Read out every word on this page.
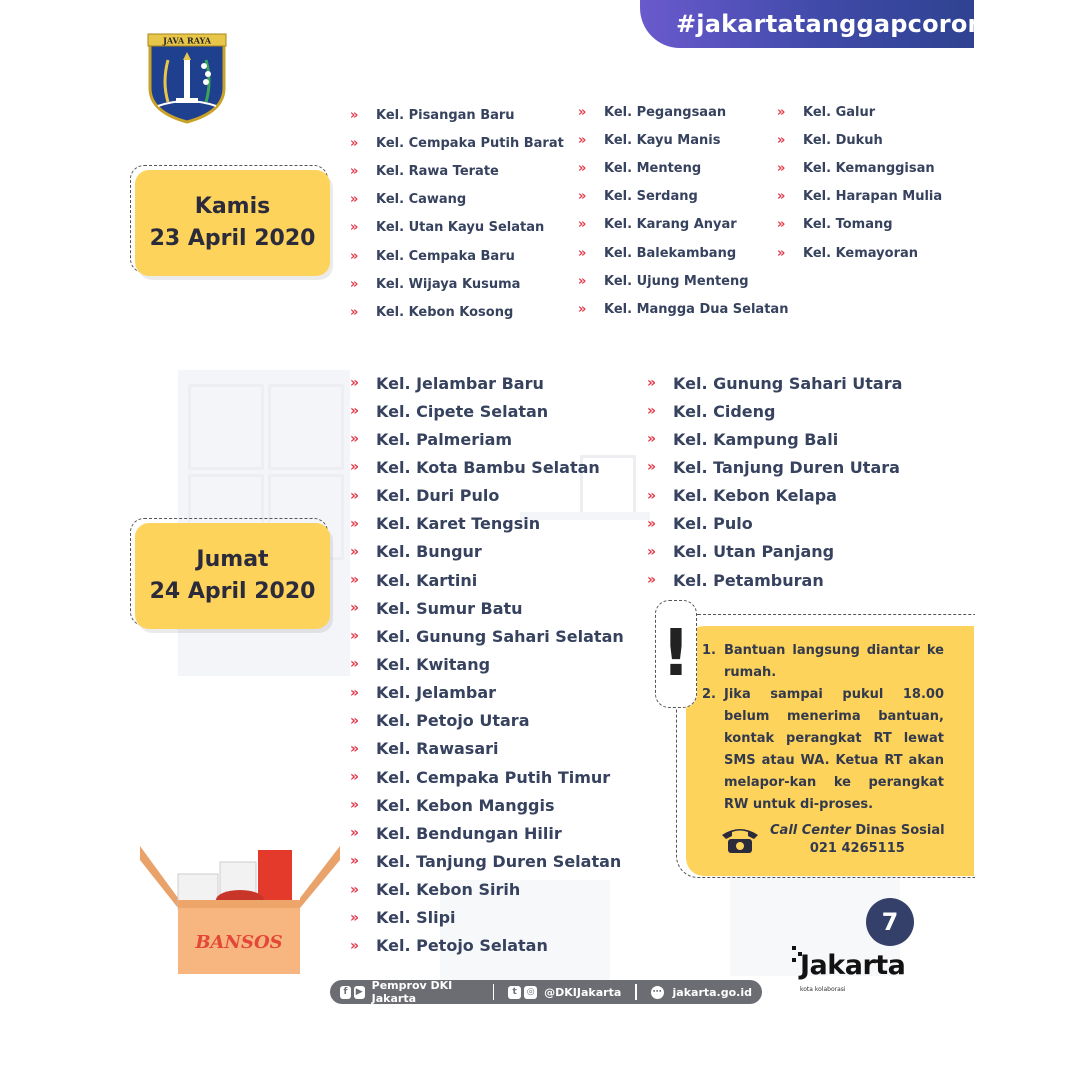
#jakartatanggapcorona
JAVA RAYA
Kamis
23 April 2020
»	Kel. Pisangan Baru
»	Kel. Cempaka Putih Barat
»	Kel. Rawa Terate
»	Kel. Cawang
»	Kel. Utan Kayu Selatan
»	Kel. Cempaka Baru
»	Kel. Wijaya Kusuma
»	Kel. Kebon Kosong
»	Kel. Pegangsaan
»	Kel. Kayu Manis
»	Kel. Menteng
»	Kel. Serdang
»	Kel. Karang Anyar
»	Kel. Balekambang
»	Kel. Ujung Menteng
»	Kel. Mangga Dua Selatan
»	Kel. Galur
»	Kel. Dukuh
»	Kel. Kemanggisan
»	Kel. Harapan Mulia
»	Kel. Tomang
»	Kel. Kemayoran
Jumat
24 April 2020
»	Kel. Jelambar Baru
»	Kel. Cipete Selatan
»	Kel. Palmeriam
»	Kel. Kota Bambu Selatan
»	Kel. Duri Pulo
»	Kel. Karet Tengsin
»	Kel. Bungur
»	Kel. Kartini
»	Kel. Sumur Batu
»	Kel. Gunung Sahari Selatan
»	Kel. Kwitang
»	Kel. Jelambar
»	Kel. Petojo Utara
»	Kel. Rawasari
»	Kel. Cempaka Putih Timur
»	Kel. Kebon Manggis
»	Kel. Bendungan Hilir
»	Kel. Tanjung Duren Selatan
»	Kel. Kebon Sirih
»	Kel. Slipi
»	Kel. Petojo Selatan
»	Kel. Gunung Sahari Utara
»	Kel. Cideng
»	Kel. Kampung Bali
»	Kel. Tanjung Duren Utara
»	Kel. Kebon Kelapa
»	Kel. Pulo
»	Kel. Utan Panjang
»	Kel. Petamburan
! 1. Bantuan langsung diantar ke rumah.
2. Jika sampai pukul 18.00 belum menerima bantuan, kontak perangkat RT lewat SMS atau WA. Ketua RT akan melapor-kan ke perangkat RW untuk di-proses.
Call Center Dinas Sosial
021 4265115
7
Jakarta
kota kolaborasi
BANSOS
f ▶ Pemprov DKI Jakarta	t	◎ @DKIJakarta	⋯ jakarta.go.id
